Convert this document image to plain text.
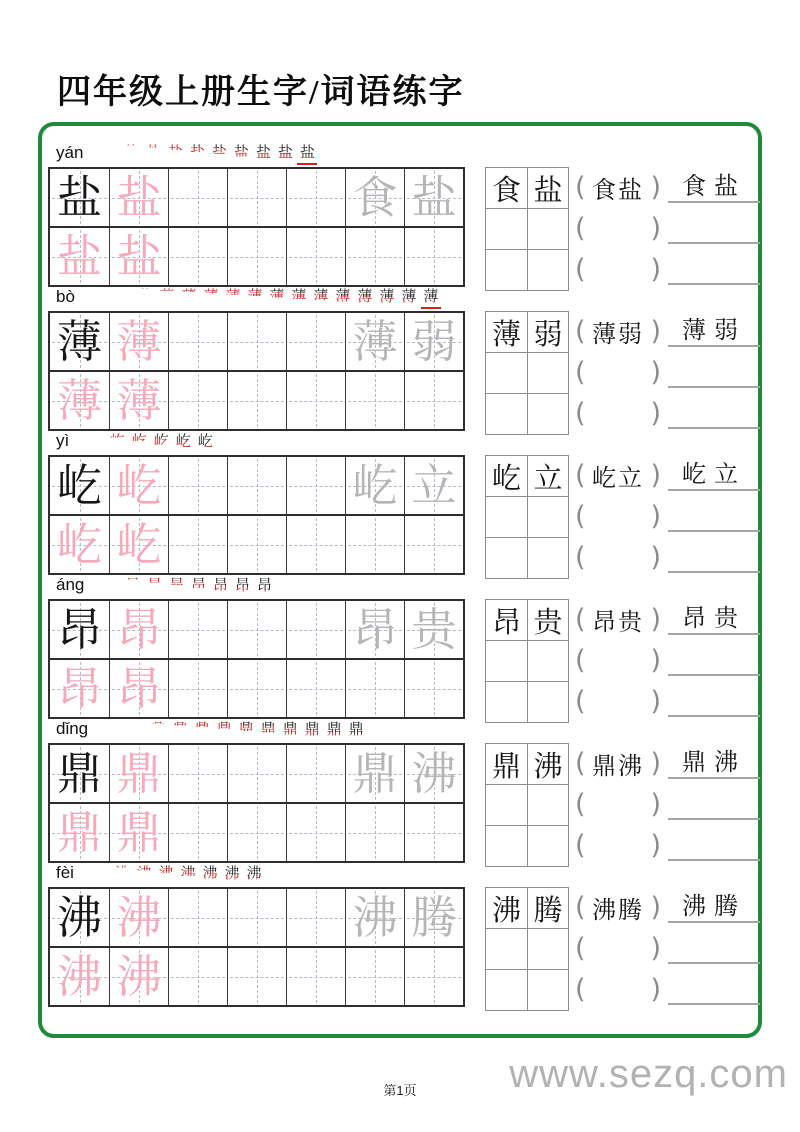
四年级上册生字/词语练字
yán 盐 盐 盐 盐 盐 盐 盐 盐 盐 盐
盐 盐	食 盐
盐 盐
食 盐 ( 食盐 )
( )
( )
食盐
bò 薄 薄 薄 薄 薄 薄 薄 薄 薄 薄 薄 薄 薄 薄 薄 薄
薄 薄	薄 弱
薄 薄
薄 弱 ( 薄弱 )
( )
( )
薄弱
yì 屹 屹 屹 屹 屹 屹
屹 屹	屹 立
屹 屹
屹 立 ( 屹立 )
( )
( )
屹立
áng 昂 昂 昂 昂 昂 昂 昂 昂
昂 昂	昂 贵
昂 昂
昂 贵 ( 昂贵 )
( )
( )
昂贵
dǐng 鼎 鼎 鼎 鼎 鼎 鼎 鼎 鼎 鼎 鼎 鼎 鼎
鼎 鼎	鼎 沸
鼎 鼎
鼎 沸 ( 鼎沸 )
( )
( )
鼎沸
fèi 沸 沸 沸 沸 沸 沸 沸 沸
沸 沸	沸 腾
沸 沸
沸 腾 ( 沸腾 )
( )
( )
沸腾
第1页	www.sezq.com
